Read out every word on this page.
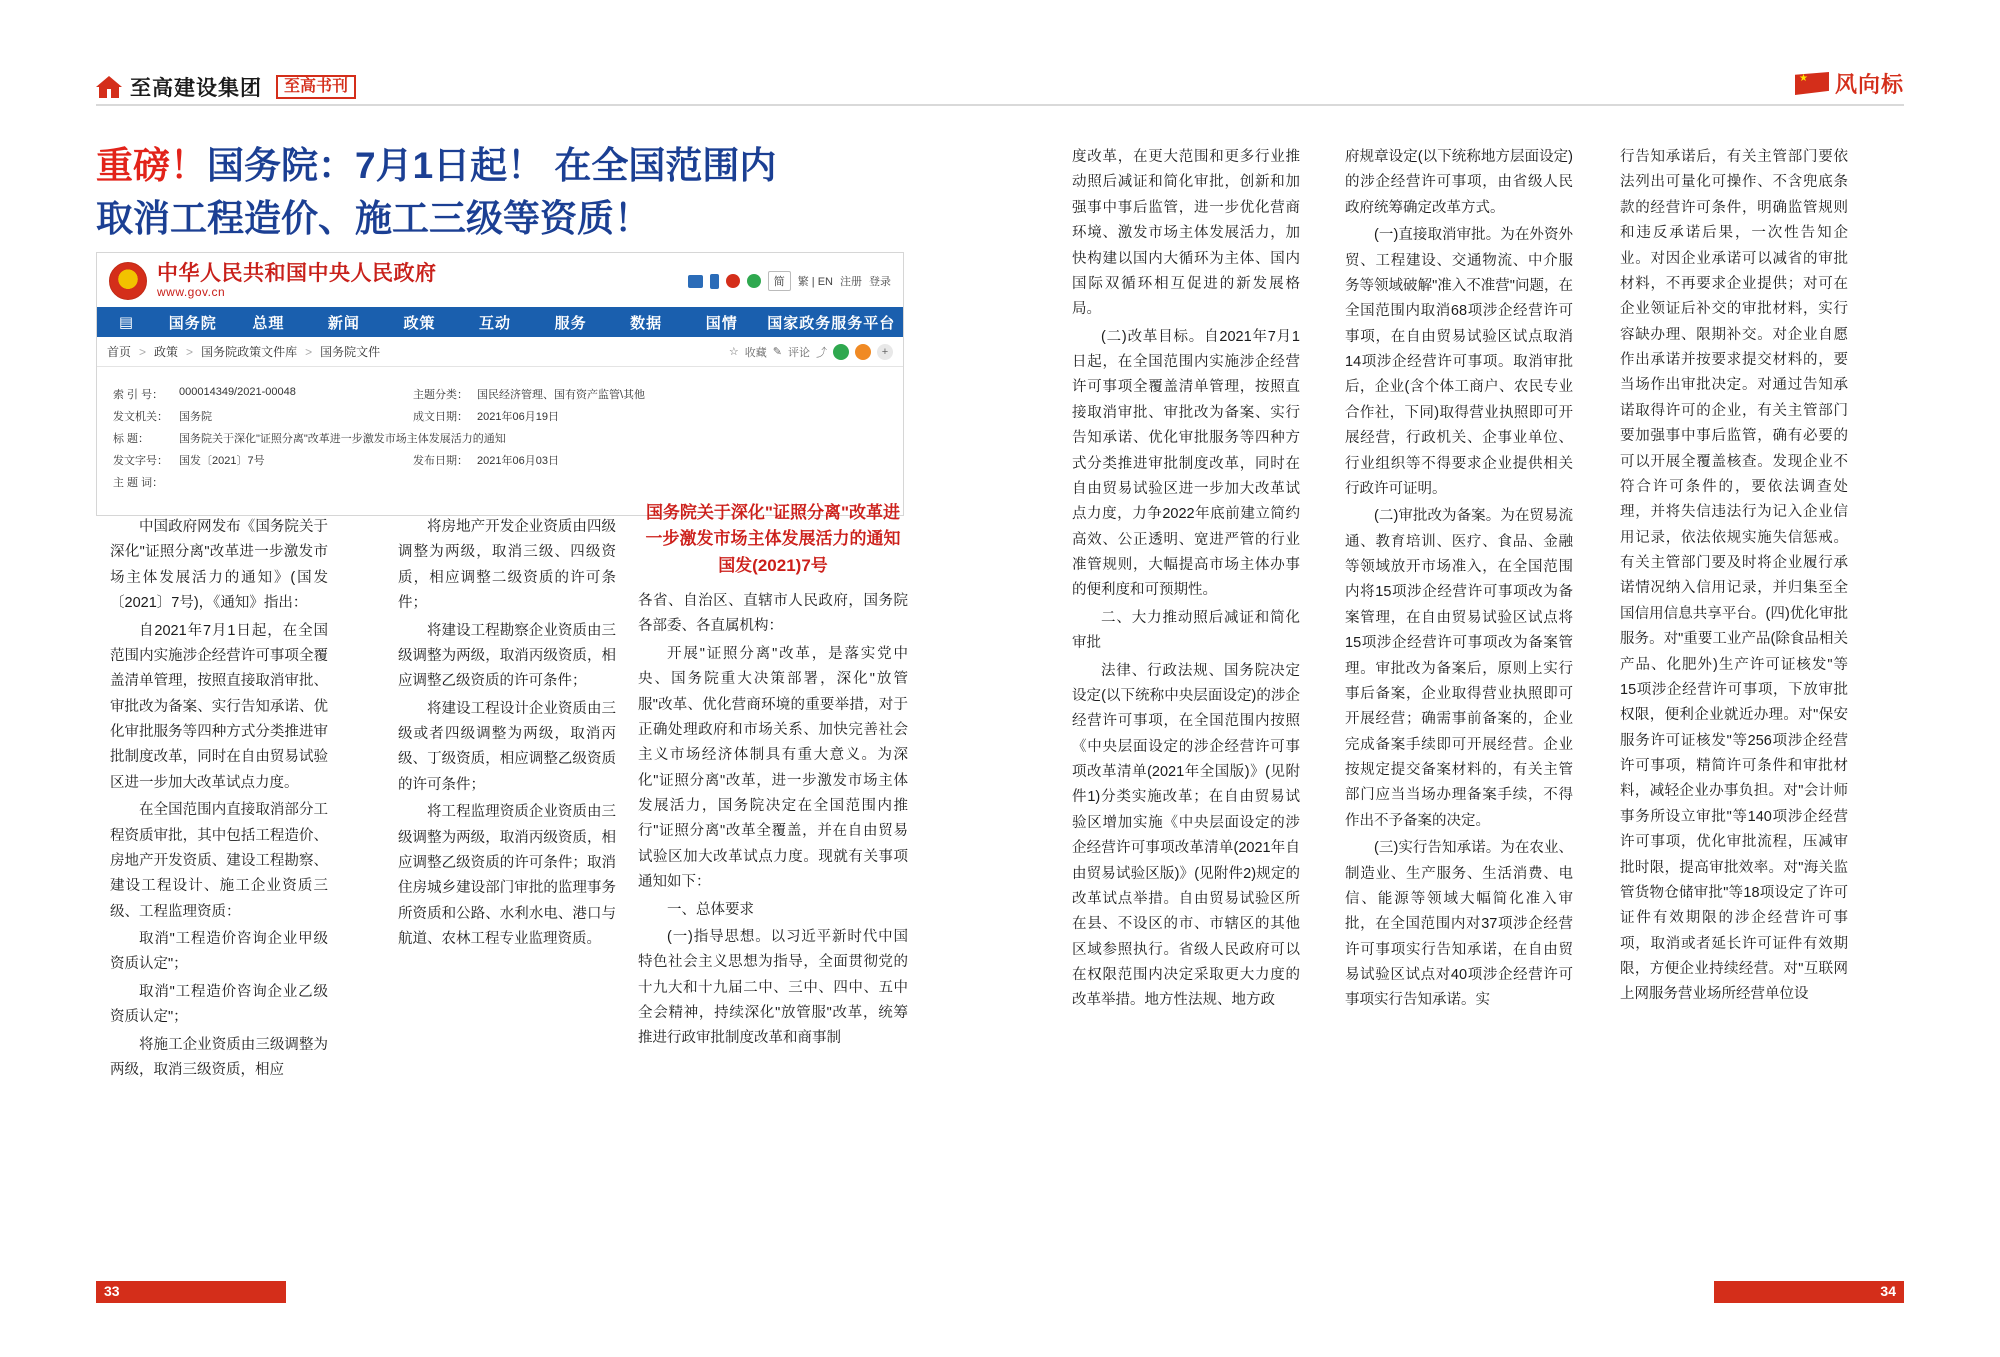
至高建设集团	至高书刊 ★	风向标
重磅！国务院：7月1日起！ 在全国范围内
取消工程造价、施工三级等资质！
中华人民共和国中央人民政府
www.gov.cn
简	繁 | EN 注册 登录
▤	国务院	总理	新闻	政策	互动	服务	数据	国情	国家政务服务平台
首页 > 政策 > 国务院政策文件库 > 国务院文件	☆ 收藏 ✎ 评论 ⤴	+
索 引 号：	000014349/2021-00048	主题分类：	国民经济管理、国有资产监管\其他
发文机关：	国务院	成文日期：	2021年06月19日
标 题：	国务院关于深化"证照分离"改革进一步激发市场主体发展活力的通知		
发文字号：	国发〔2021〕7号	发布日期：	2021年06月03日
主 题 词：			

中国政府网发布《国务院关于深化"证照分离"改革进一步激发市场主体发展活力的通知》(国发〔2021〕7号)，《通知》指出：

自2021年7月1日起，在全国范围内实施涉企经营许可事项全覆盖清单管理，按照直接取消审批、审批改为备案、实行告知承诺、优化审批服务等四种方式分类推进审批制度改革，同时在自由贸易试验区进一步加大改革试点力度。

在全国范围内直接取消部分工程资质审批，其中包括工程造价、房地产开发资质、建设工程勘察、建设工程设计、施工企业资质三级、工程监理资质：

取消"工程造价咨询企业甲级资质认定"；

取消"工程造价咨询企业乙级资质认定"；

将施工企业资质由三级调整为两级，取消三级资质，相应

将房地产开发企业资质由四级调整为两级，取消三级、四级资质，相应调整二级资质的许可条件；

将建设工程勘察企业资质由三级调整为两级，取消丙级资质，相应调整乙级资质的许可条件；

将建设工程设计企业资质由三级或者四级调整为两级，取消丙级、丁级资质，相应调整乙级资质的许可条件；

将工程监理资质企业资质由三级调整为两级，取消丙级资质，相应调整乙级资质的许可条件；取消住房城乡建设部门审批的监理事务所资质和公路、水利水电、港口与航道、农林工程专业监理资质。

国务院关于深化"证照分离"改革进一步激发市场主体发展活力的通知国发(2021)7号

各省、自治区、直辖市人民政府，国务院各部委、各直属机构：

开展"证照分离"改革，是落实党中央、国务院重大决策部署，深化"放管服"改革、优化营商环境的重要举措，对于正确处理政府和市场关系、加快完善社会主义市场经济体制具有重大意义。为深化"证照分离"改革，进一步激发市场主体发展活力，国务院决定在全国范围内推行"证照分离"改革全覆盖，并在自由贸易试验区加大改革试点力度。现就有关事项通知如下：

一、总体要求

(一)指导思想。以习近平新时代中国特色社会主义思想为指导，全面贯彻党的十九大和十九届二中、三中、四中、五中全会精神，持续深化"放管服"改革，统筹推进行政审批制度改革和商事制

度改革，在更大范围和更多行业推动照后减证和简化审批，创新和加强事中事后监管，进一步优化营商环境、激发市场主体发展活力，加快构建以国内大循环为主体、国内国际双循环相互促进的新发展格局。

(二)改革目标。自2021年7月1日起，在全国范围内实施涉企经营许可事项全覆盖清单管理，按照直接取消审批、审批改为备案、实行告知承诺、优化审批服务等四种方式分类推进审批制度改革，同时在自由贸易试验区进一步加大改革试点力度，力争2022年底前建立简约高效、公正透明、宽进严管的行业准管规则，大幅提高市场主体办事的便利度和可预期性。

二、大力推动照后减证和简化审批

法律、行政法规、国务院决定设定(以下统称中央层面设定)的涉企经营许可事项，在全国范围内按照《中央层面设定的涉企经营许可事项改革清单(2021年全国版)》(见附件1)分类实施改革；在自由贸易试验区增加实施《中央层面设定的涉企经营许可事项改革清单(2021年自由贸易试验区版)》(见附件2)规定的改革试点举措。自由贸易试验区所在县、不设区的市、市辖区的其他区域参照执行。省级人民政府可以在权限范围内决定采取更大力度的改革举措。地方性法规、地方政

府规章设定(以下统称地方层面设定)的涉企经营许可事项，由省级人民政府统筹确定改革方式。

(一)直接取消审批。为在外资外贸、工程建设、交通物流、中介服务等领域破解"准入不准营"问题，在全国范围内取消68项涉企经营许可事项，在自由贸易试验区试点取消14项涉企经营许可事项。取消审批后，企业(含个体工商户、农民专业合作社，下同)取得营业执照即可开展经营，行政机关、企事业单位、行业组织等不得要求企业提供相关行政许可证明。

(二)审批改为备案。为在贸易流通、教育培训、医疗、食品、金融等领域放开市场准入，在全国范围内将15项涉企经营许可事项改为备案管理，在自由贸易试验区试点将15项涉企经营许可事项改为备案管理。审批改为备案后，原则上实行事后备案，企业取得营业执照即可开展经营；确需事前备案的，企业完成备案手续即可开展经营。企业按规定提交备案材料的，有关主管部门应当当场办理备案手续，不得作出不予备案的决定。

(三)实行告知承诺。为在农业、制造业、生产服务、生活消费、电信、能源等领域大幅简化准入审批，在全国范围内对37项涉企经营许可事项实行告知承诺，在自由贸易试验区试点对40项涉企经营许可事项实行告知承诺。实

行告知承诺后，有关主管部门要依法列出可量化可操作、不含兜底条款的经营许可条件，明确监管规则和违反承诺后果，一次性告知企业。对因企业承诺可以减省的审批材料，不再要求企业提供；对可在企业领证后补交的审批材料，实行容缺办理、限期补交。对企业自愿作出承诺并按要求提交材料的，要当场作出审批决定。对通过告知承诺取得许可的企业，有关主管部门要加强事中事后监管，确有必要的可以开展全覆盖核查。发现企业不符合许可条件的，要依法调查处理，并将失信违法行为记入企业信用记录，依法依规实施失信惩戒。有关主管部门要及时将企业履行承诺情况纳入信用记录，并归集至全国信用信息共享平台。(四)优化审批服务。对"重要工业产品(除食品相关产品、化肥外)生产许可证核发"等15项涉企经营许可事项，下放审批权限，便利企业就近办理。对"保安服务许可证核发"等256项涉企经营许可事项，精简许可条件和审批材料，减轻企业办事负担。对"会计师事务所设立审批"等140项涉企经营许可事项，优化审批流程，压减审批时限，提高审批效率。对"海关监管货物仓储审批"等18项设定了许可证件有效期限的涉企经营许可事项，取消或者延长许可证件有效期限，方便企业持续经营。对"互联网上网服务营业场所经营单位设

33	34
